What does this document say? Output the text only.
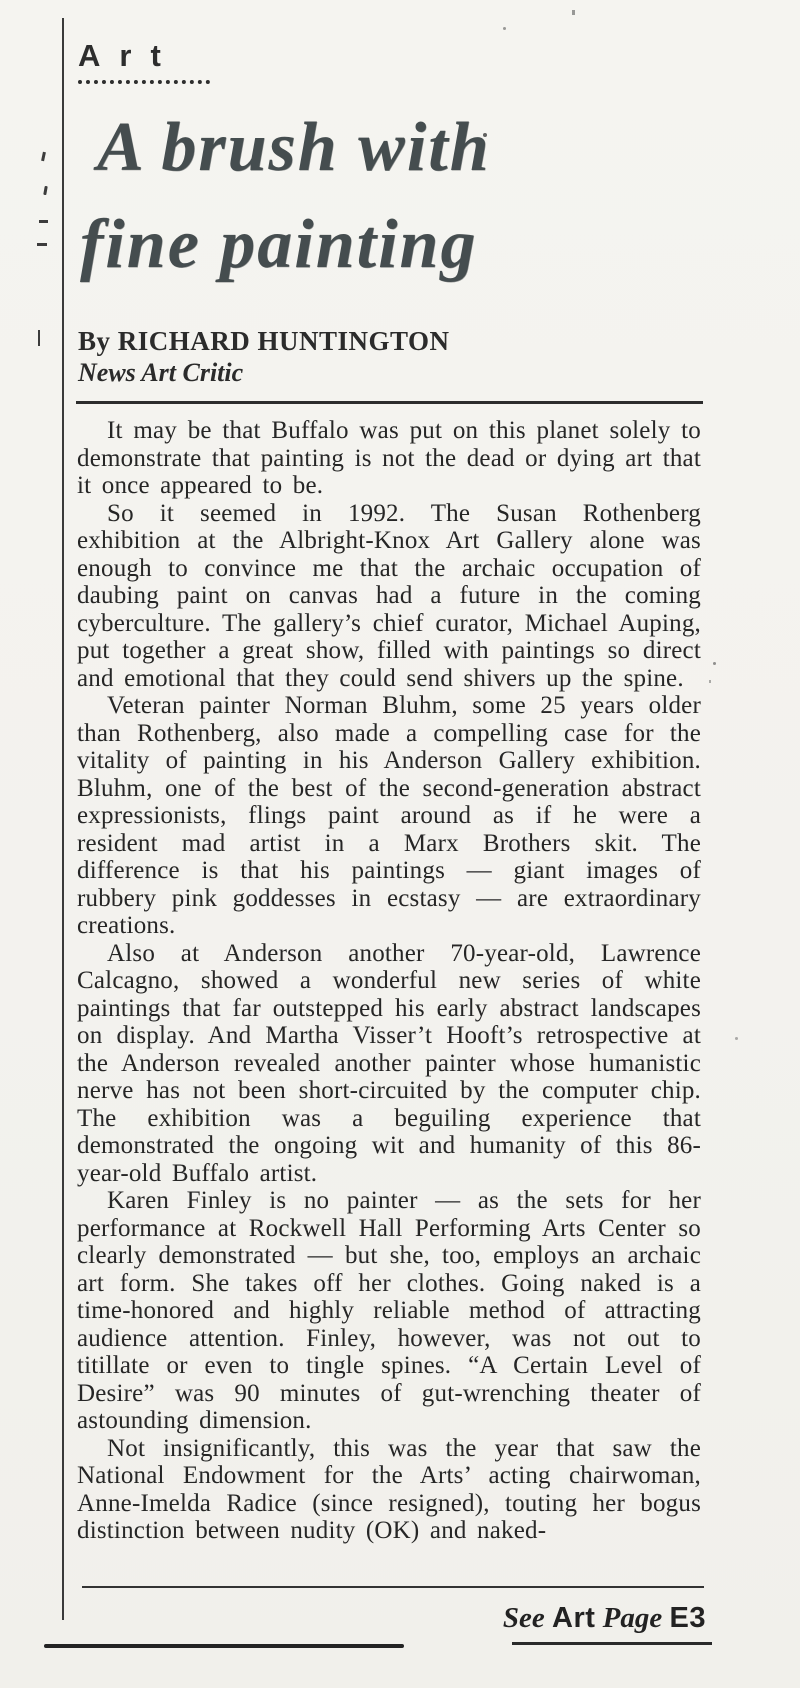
Art
A brush with
fine painting
By RICHARD HUNTINGTON
News Art Critic

It may be that Buffalo was put on this planet solely to demonstrate that painting is not the dead or dying art that it once appeared to be.

So it seemed in 1992. The Susan Rothenberg exhibition at the Albright-Knox Art Gallery alone was enough to convince me that the archaic occupation of daubing paint on canvas had a future in the coming cyberculture. The gallery’s chief curator, Michael Auping, put together a great show, filled with paintings so direct and emotional that they could send shivers up the spine.

Veteran painter Norman Bluhm, some 25 years older than Rothenberg, also made a compelling case for the vitality of painting in his Anderson Gallery exhibition. Bluhm, one of the best of the second-generation abstract expressionists, flings paint around as if he were a resident mad artist in a Marx Brothers skit. The difference is that his paintings — giant images of rubbery pink goddesses in ecstasy — are extraordinary creations.

Also at Anderson another 70-year-old, Lawrence Calcagno, showed a wonderful new series of white paintings that far outstepped his early abstract landscapes on display. And Martha Visser’t Hooft’s retrospective at the Anderson revealed another painter whose humanistic nerve has not been short-circuited by the computer chip. The exhibition was a beguiling experience that demonstrated the ongoing wit and humanity of this 86-year-old Buffalo artist.

Karen Finley is no painter — as the sets for her performance at Rockwell Hall Performing Arts Center so clearly demonstrated — but she, too, employs an archaic art form. She takes off her clothes. Going naked is a time-honored and highly reliable method of attracting audience attention. Finley, however, was not out to titillate or even to tingle spines. “A Certain Level of Desire” was 90 minutes of gut-wrenching theater of astounding dimension.

Not insignificantly, this was the year that saw the National Endowment for the Arts’ acting chairwoman, Anne-Imelda Radice (since resigned), touting her bogus distinction between nudity (OK) and naked-

See Art Page E3
